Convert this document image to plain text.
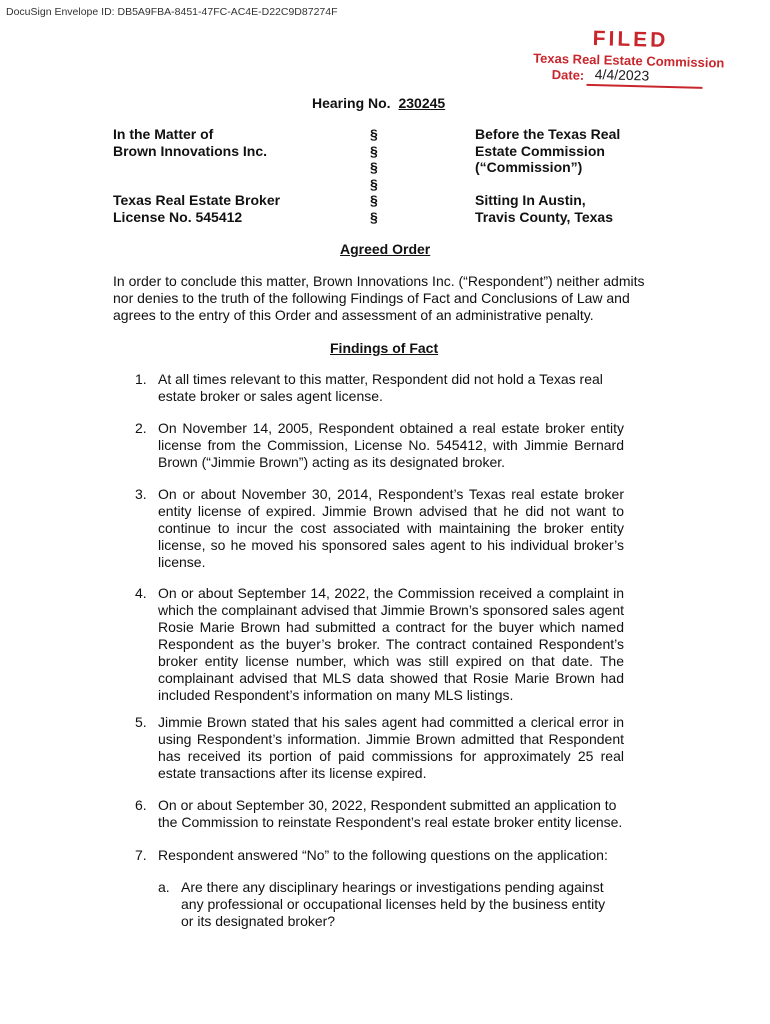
DocuSign Envelope ID: DB5A9FBA-8451-47FC-AC4E-D22C9D87274F
FILED
Texas Real Estate Commission
Date: 4/4/2023
Hearing No. 230245
In the Matter of
Brown Innovations Inc.
Texas Real Estate Broker
License No. 545412
§
§
§
§
§
§
Before the Texas Real
Estate Commission
(“Commission”)
Sitting In Austin,
Travis County, Texas
Agreed Order
In order to conclude this matter, Brown Innovations Inc. (“Respondent”) neither admits nor denies to the truth of the following Findings of Fact and Conclusions of Law and agrees to the entry of this Order and assessment of an administrative penalty.
Findings of Fact
1. At all times relevant to this matter, Respondent did not hold a Texas real estate broker or sales agent license.
2. On November 14, 2005, Respondent obtained a real estate broker entity license from the Commission, License No. 545412, with Jimmie Bernard Brown (“Jimmie Brown”) acting as its designated broker.
3. On or about November 30, 2014, Respondent’s Texas real estate broker entity license of expired. Jimmie Brown advised that he did not want to continue to incur the cost associated with maintaining the broker entity license, so he moved his sponsored sales agent to his individual broker’s license.
4. On or about September 14, 2022, the Commission received a complaint in which the complainant advised that Jimmie Brown’s sponsored sales agent Rosie Marie Brown had submitted a contract for the buyer which named Respondent as the buyer’s broker. The contract contained Respondent’s broker entity license number, which was still expired on that date. The complainant advised that MLS data showed that Rosie Marie Brown had included Respondent’s information on many MLS listings.
5. Jimmie Brown stated that his sales agent had committed a clerical error in using Respondent’s information. Jimmie Brown admitted that Respondent has received its portion of paid commissions for approximately 25 real estate transactions after its license expired.
6. On or about September 30, 2022, Respondent submitted an application to the Commission to reinstate Respondent’s real estate broker entity license.
7. Respondent answered “No” to the following questions on the application:
a. Are there any disciplinary hearings or investigations pending against any professional or occupational licenses held by the business entity or its designated broker?
